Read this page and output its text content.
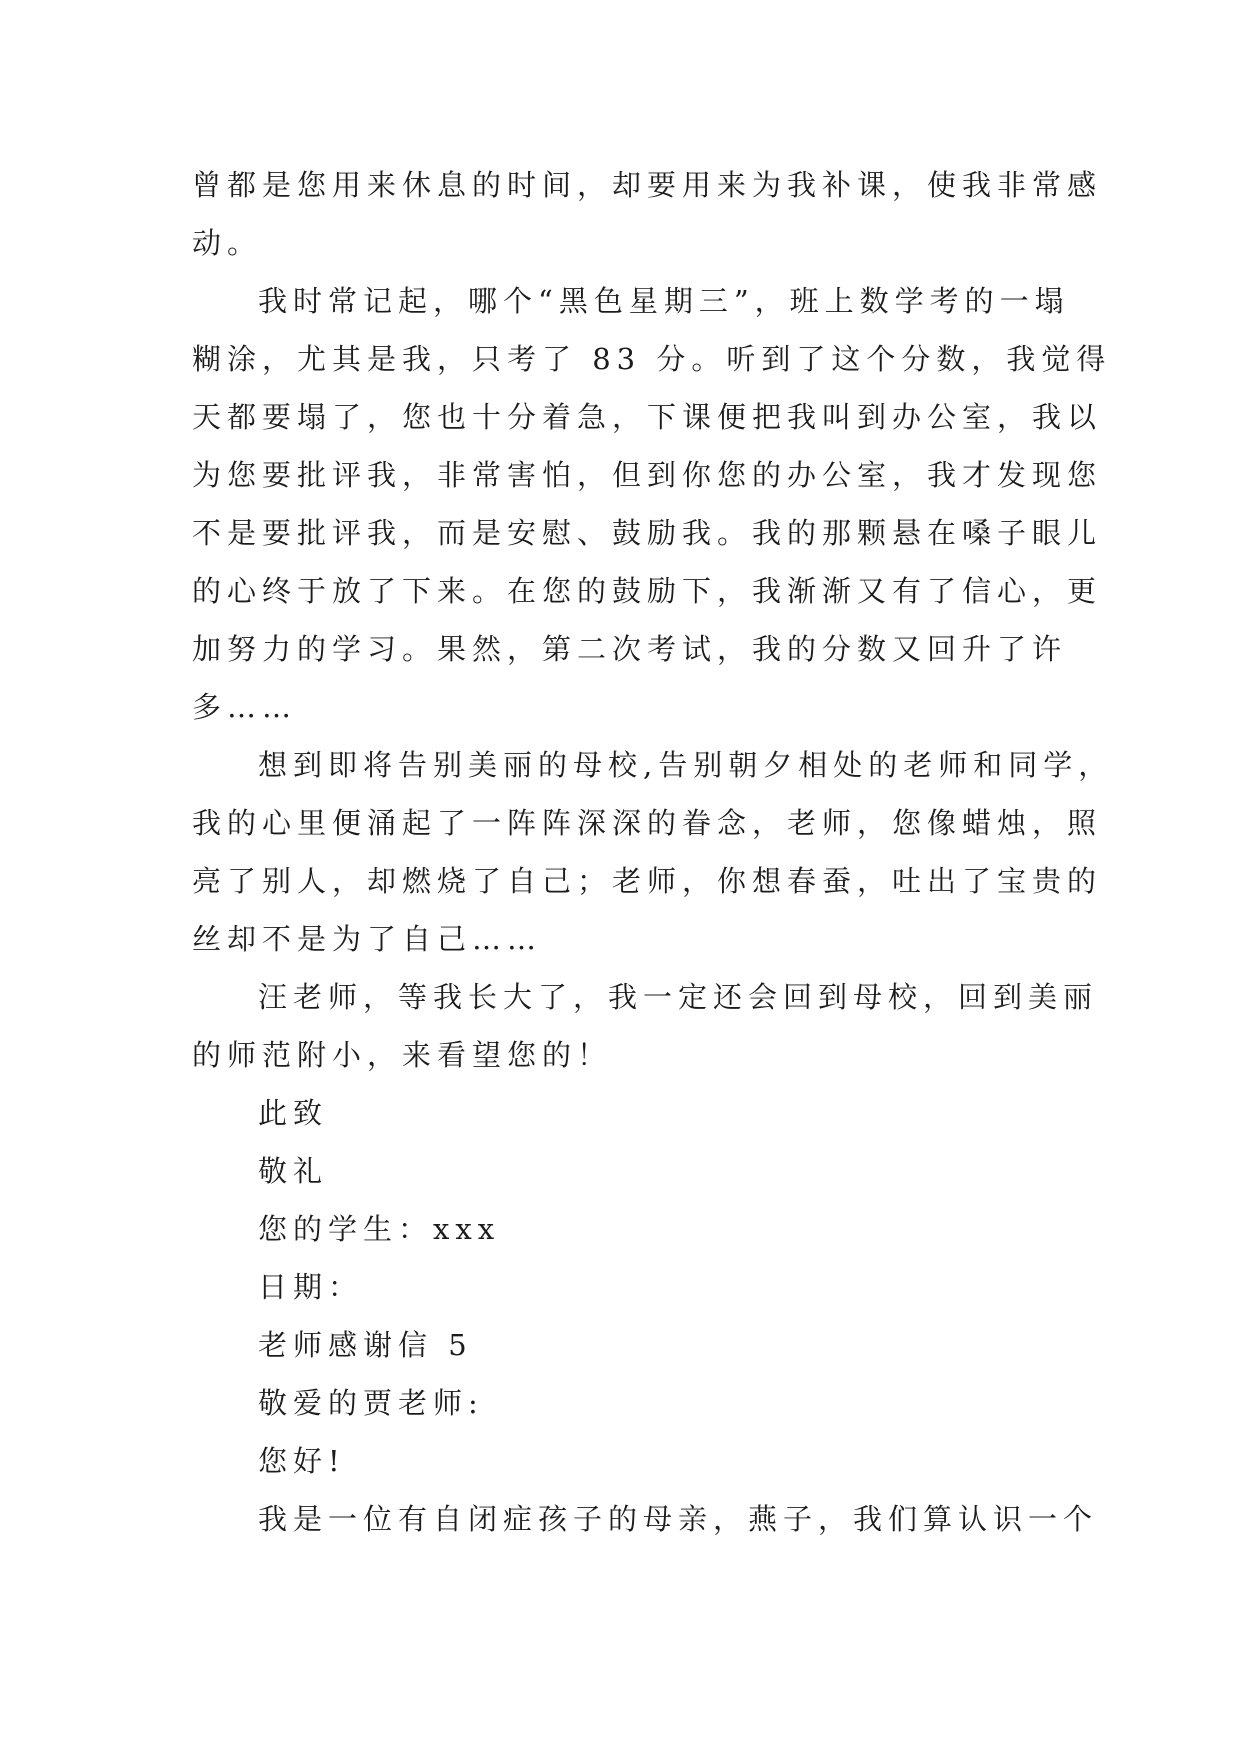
曾都是您用来休息的时间，却要用来为我补课，使我非常感
动。
我时常记起，哪个“黑色星期三”，班上数学考的一塌
糊涂，尤其是我，只考了 83 分。听到了这个分数，我觉得
天都要塌了，您也十分着急，下课便把我叫到办公室，我以
为您要批评我，非常害怕，但到你您的办公室，我才发现您
不是要批评我，而是安慰、鼓励我。我的那颗悬在嗓子眼儿
的心终于放了下来。在您的鼓励下，我渐渐又有了信心，更
加努力的学习。果然，第二次考试，我的分数又回升了许
多……
想到即将告别美丽的母校,告别朝夕相处的老师和同学，
我的心里便涌起了一阵阵深深的眷念，老师，您像蜡烛，照
亮了别人，却燃烧了自己；老师，你想春蚕，吐出了宝贵的
丝却不是为了自己……
汪老师，等我长大了，我一定还会回到母校，回到美丽
的师范附小，来看望您的！
此致
敬礼
您的学生：xxx
日期：
老师感谢信 5
敬爱的贾老师:
您好!
我是一位有自闭症孩子的母亲，燕子，我们算认识一个
